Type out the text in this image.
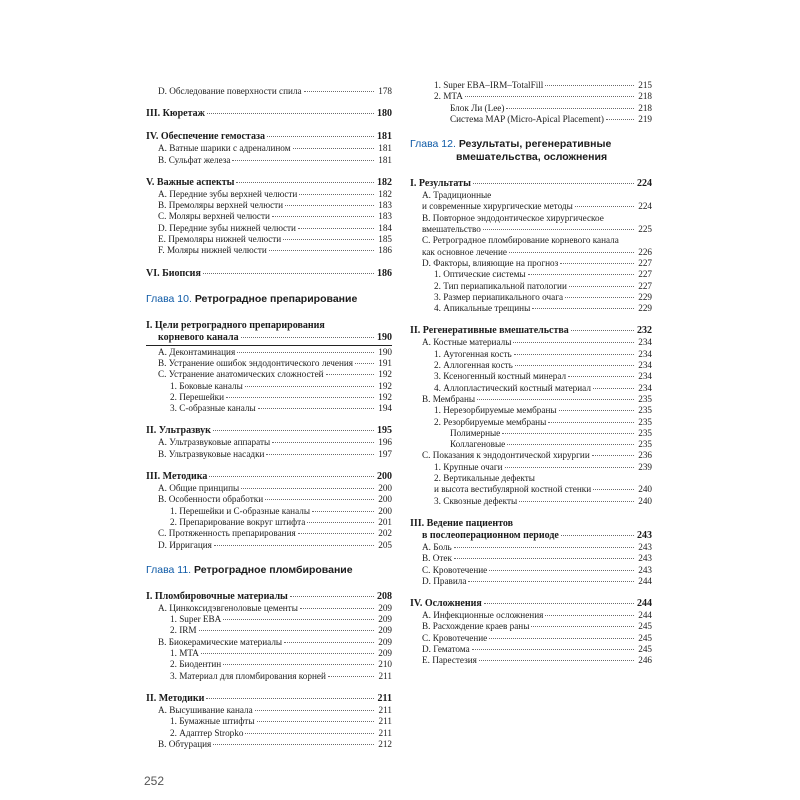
D. Обследование поверхности спила	178
III. Кюретаж	180
IV. Обеспечение гемостаза	181
A. Ватные шарики с адреналином	181
B. Сульфат железа	181
V. Важные аспекты	182
A. Передние зубы верхней челюсти	182
B. Премоляры верхней челюсти	183
C. Моляры верхней челюсти	183
D. Передние зубы нижней челюсти	184
E. Премоляры нижней челюсти	185
F. Моляры нижней челюсти	186
VI. Биопсия	186
Глава 10. Ретроградное препарирование
I. Цели ретроградного препарирования
корневого канала	190
A. Деконтаминация	190
B. Устранение ошибок эндодонтического лечения	191
C. Устранение анатомических сложностей	192
1. Боковые каналы	192
2. Перешейки	192
3. С-образные каналы	194
II. Ультразвук	195
A. Ультразвуковые аппараты	196
B. Ультразвуковые насадки	197
III. Методика	200
A. Общие принципы	200
B. Особенности обработки	200
1. Перешейки и С-образные каналы	200
2. Препарирование вокруг штифта	201
C. Протяженность препарирования	202
D. Ирригация	205
Глава 11. Ретроградное пломбирование
I. Пломбировочные материалы	208
A. Цинкоксидэвгеноловые цементы	209
1. Super EBA	209
2. IRM	209
B. Биокерамические материалы	209
1. MTA	209
2. Биодентин	210
3. Материал для пломбирования корней	211
II. Методики	211
A. Высушивание канала	211
1. Бумажные штифты	211
2. Адаптер Stropko	211
B. Обтурация	212
1. Super EBA–IRM–TotalFill	215
2. MTA	218
Блок Ли (Lee)	218
Система MAP (Micro-Apical Placement)	219
Глава 12. Результаты, регенеративные
вмешательства, осложнения
I. Результаты	224
A. Традиционные
и современные хирургические методы	224
B. Повторное эндодонтическое хирургическое
вмешательство	225
C. Ретроградное пломбирование корневого канала
как основное лечение	226
D. Факторы, влияющие на прогноз	227
1. Оптические системы	227
2. Тип периапикальной патологии	227
3. Размер периапикального очага	229
4. Апикальные трещины	229
II. Регенеративные вмешательства	232
A. Костные материалы	234
1. Аутогенная кость	234
2. Аллогенная кость	234
3. Ксеногенный костный минерал	234
4. Аллопластический костный материал	234
B. Мембраны	235
1. Нерезорбируемые мембраны	235
2. Резорбируемые мембраны	235
Полимерные	235
Коллагеновые	235
C. Показания к эндодонтической хирургии	236
1. Крупные очаги	239
2. Вертикальные дефекты
и высота вестибулярной костной стенки	240
3. Сквозные дефекты	240
III. Ведение пациентов
в послеоперационном периоде	243
A. Боль	243
B. Отек	243
C. Кровотечение	243
D. Правила	244
IV. Осложнения	244
A. Инфекционные осложнения	244
B. Расхождение краев раны	245
C. Кровотечение	245
D. Гематома	245
E. Парестезия	246
252
